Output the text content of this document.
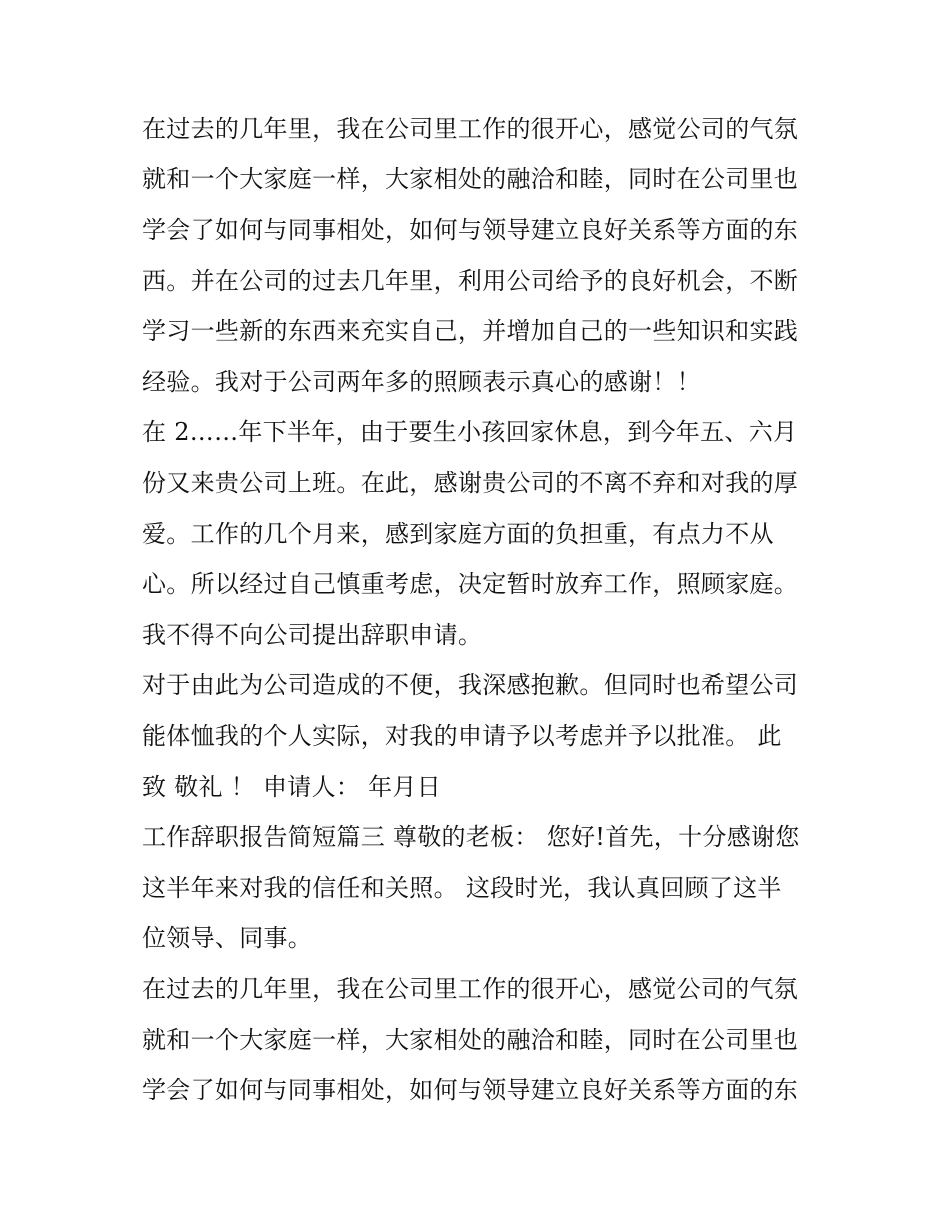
在过去的几年里，我在公司里工作的很开心，感觉公司的气氛
就和一个大家庭一样，大家相处的融洽和睦，同时在公司里也
学会了如何与同事相处，如何与领导建立良好关系等方面的东
西。并在公司的过去几年里，利用公司给予的良好机会，不断
学习一些新的东西来充实自己，并增加自己的一些知识和实践
经验。我对于公司两年多的照顾表示真心的感谢！！
在 2……年下半年，由于要生小孩回家休息，到今年五、六月
份又来贵公司上班。在此，感谢贵公司的不离不弃和对我的厚
爱。工作的几个月来，感到家庭方面的负担重，有点力不从
心。所以经过自己慎重考虑，决定暂时放弃工作，照顾家庭。
我不得不向公司提出辞职申请。
对于由此为公司造成的不便，我深感抱歉。但同时也希望公司
能体恤我的个人实际，对我的申请予以考虑并予以批准。 此
致 敬礼 ！ 申请人： 年月日
工作辞职报告简短篇三 尊敬的老板： 您好!首先，十分感谢您
这半年来对我的信任和关照。 这段时光，我认真回顾了这半
位领导、同事。
在过去的几年里，我在公司里工作的很开心，感觉公司的气氛
就和一个大家庭一样，大家相处的融洽和睦，同时在公司里也
学会了如何与同事相处，如何与领导建立良好关系等方面的东
